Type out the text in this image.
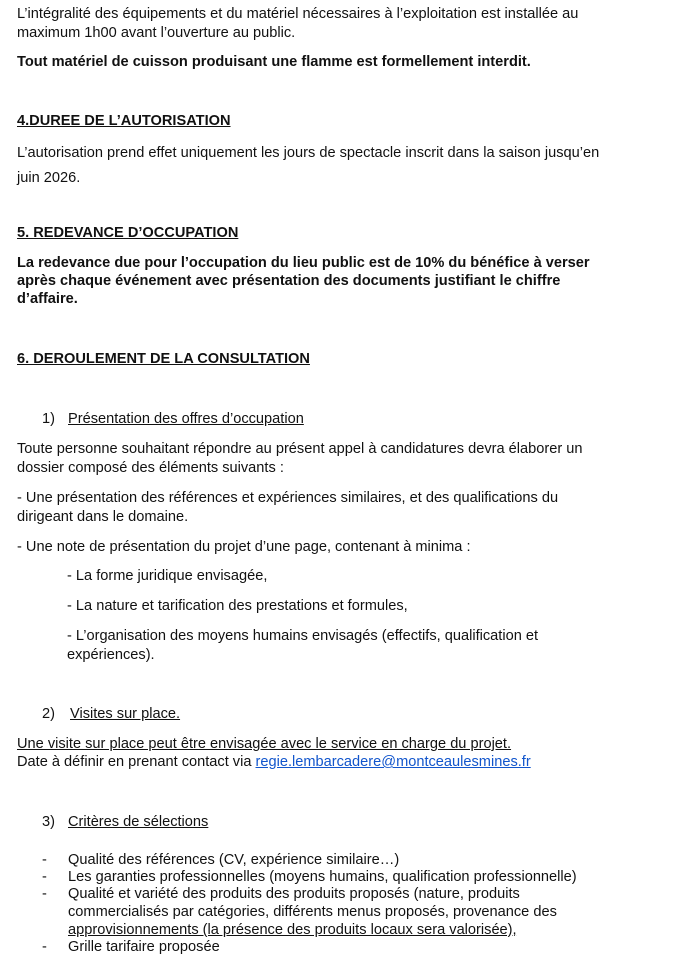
L’intégralité des équipements et du matériel nécessaires à l’exploitation est installée au
maximum 1h00 avant l’ouverture au public.
Tout matériel de cuisson produisant une flamme est formellement interdit.
4.DUREE DE L’AUTORISATION
L’autorisation prend effet uniquement les jours de spectacle inscrit dans la saison jusqu’en
juin 2026.
5. REDEVANCE D’OCCUPATION
La redevance due pour l’occupation du lieu public est de 10% du bénéfice à verser
après chaque événement avec présentation des documents justifiant le chiffre
d’affaire.
6. DEROULEMENT DE LA CONSULTATION
1) Présentation des offres d’occupation
Toute personne souhaitant répondre au présent appel à candidatures devra élaborer un
dossier composé des éléments suivants :
- Une présentation des références et expériences similaires, et des qualifications du
dirigeant dans le domaine.
- Une note de présentation du projet d’une page, contenant à minima :
- La forme juridique envisagée,
- La nature et tarification des prestations et formules,
- L’organisation des moyens humains envisagés (effectifs, qualification et
expériences).
2) Visites sur place.
Une visite sur place peut être envisagée avec le service en charge du projet.
Date à définir en prenant contact via regie.lembarcadere@montceaulesmines.fr
3) Critères de sélections
- Qualité des références (CV, expérience similaire…)
- Les garanties professionnelles (moyens humains, qualification professionnelle)
- Qualité et variété des produits des produits proposés (nature, produits
commercialisés par catégories, différents menus proposés, provenance des
approvisionnements (la présence des produits locaux sera valorisée),
- Grille tarifaire proposée
